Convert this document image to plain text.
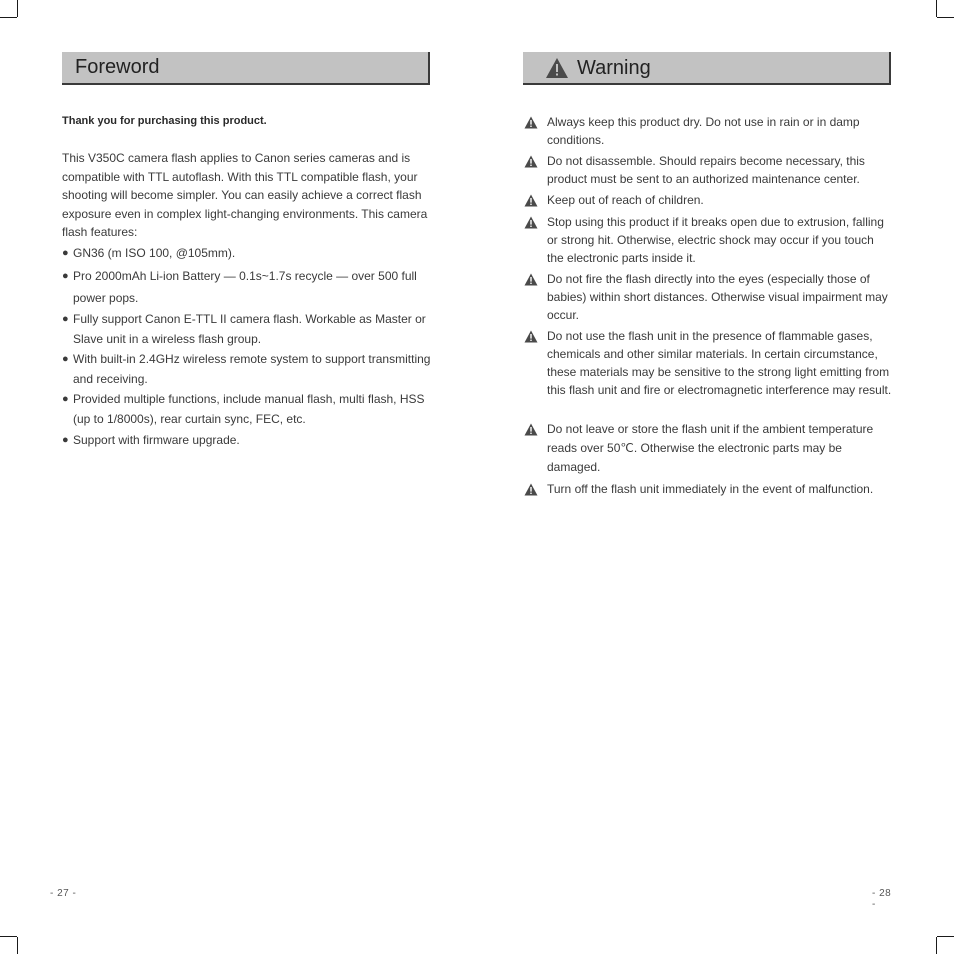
Foreword
Thank you for purchasing this product.
This V350C camera flash applies to Canon series cameras and is compatible with TTL autoflash. With this TTL compatible flash, your shooting will become simpler. You can easily achieve a correct flash exposure even in complex light-changing environments. This camera flash features:
● GN36 (m ISO 100, @105mm).
● Pro 2000mAh Li-ion Battery — 0.1s~1.7s recycle — over 500 full power pops.
● Fully support Canon E-TTL II camera flash. Workable as Master or Slave unit in a wireless flash group.
● With built-in 2.4GHz wireless remote system to support transmitting and receiving.
● Provided multiple functions, include manual flash, multi flash, HSS (up to 1/8000s), rear curtain sync, FEC, etc.
● Support with firmware upgrade.
- 27 -
Warning
Always keep this product dry. Do not use in rain or in damp conditions.
Do not disassemble. Should repairs become necessary, this product must be sent to an authorized maintenance center.
Keep out of reach of children.
Stop using this product if it breaks open due to extrusion, falling or strong hit. Otherwise, electric shock may occur if you touch the electronic parts inside it.
Do not fire the flash directly into the eyes (especially those of babies) within short distances. Otherwise visual impairment may occur.
Do not use the flash unit in the presence of flammable gases, chemicals and other similar materials. In certain circumstance, these materials may be sensitive to the strong light emitting from this flash unit and fire or electromagnetic interference may result.
Do not leave or store the flash unit if the ambient temperature reads over 50℃. Otherwise the electronic parts may be damaged.
Turn off the flash unit immediately in the event of malfunction.
- 28 -
